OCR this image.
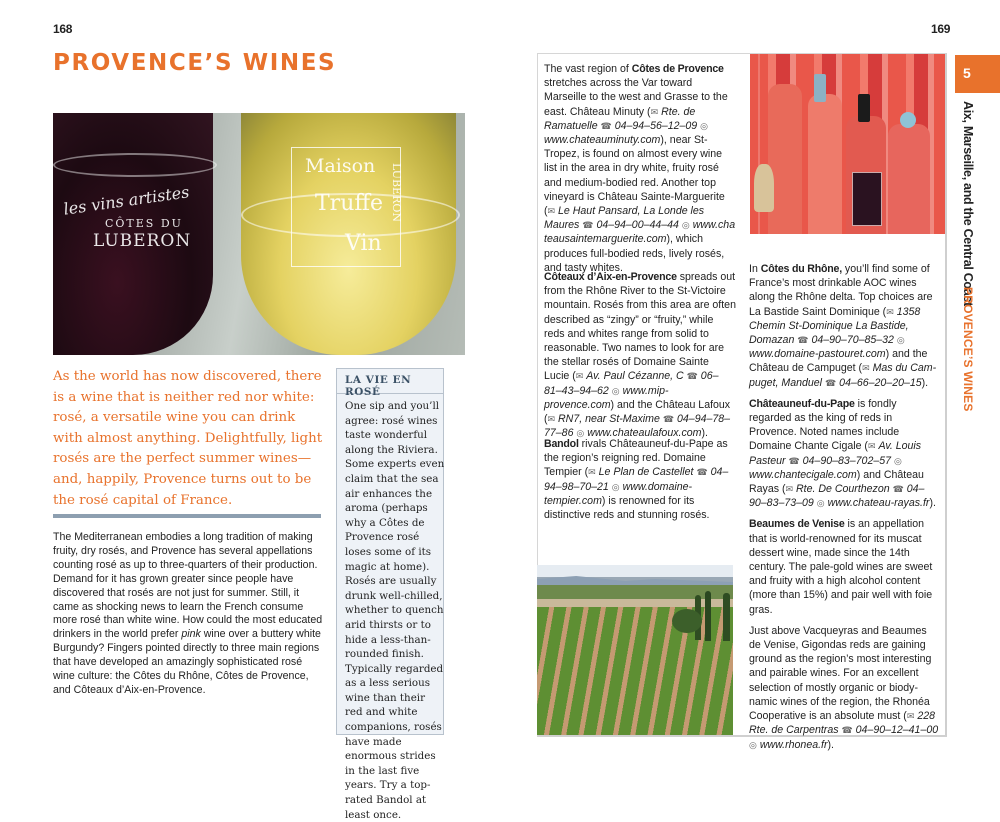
168
PROVENCE’S WINES
les vins artistes
CÔTES DU
LUBERON
Maison
Truffe
Vin
LUBERON
As the world has now discovered, there is a wine that is neither red nor white: rosé, a versatile wine you can drink with almost anything. Delightfully, light rosés are the perfect summer wines—and, happily, Provence turns out to be the rosé capital of France.
The Mediterranean embodies a long tradition of making fruity, dry rosés, and Provence has several appellations counting rosé as up to three-quarters of their production. Demand for it has grown greater since people have discovered that rosés are not just for summer. Still, it came as shocking news to learn the French consume more rosé than white wine. How could the most educated drinkers in the world prefer pink wine over a buttery white Burgundy? Fingers pointed directly to three main regions that have developed an amazingly sophisticated rosé wine culture: the Côtes du Rhône, Côtes de Provence, and Côteaux d’Aix-en-Provence.
LA VIE EN ROSÉ
One sip and you’ll agree: rosé wines taste wonderful along the Riviera. Some experts even claim that the sea air enhances the aroma (perhaps why a Côtes de Provence rosé loses some of its magic at home). Rosés are usually drunk well-chilled, whether to quench arid thirsts or to hide a less-than-rounded finish. Typically regarded as a less serious wine than their red and white companions, rosés have made enormous strides in the last five years. Try a top-rated Bandol at least once.
169

The vast region of Côtes de Provence stretches across the Var toward Marseille to the west and Grasse to the east. Château Minuty (✉ Rte. de Ramatuelle ☎ 04–94–56–12–09 ◎ www.chateauminuty.com), near St-Tropez, is found on almost every wine list in the area in dry white, fruity rosé and medium-bodied red. Another top vineyard is Château Sainte-Marguerite (✉ Le Haut Pansard, La Londe les Maures ☎ 04–94–00–44–44 ◎ www.chateausaintemarguerite.com), which produces full-bodied reds, lively rosés, and tasty whites.

Côteaux d’Aix-en-Provence spreads out from the Rhône River to the St-Victoire mountain. Rosés from this area are often described as “zingy” or “fruity,” while reds and whites range from solid to reasonable. Two names to look for are the stellar rosés of Domaine Sainte Lucie (✉ Av. Paul Cézanne, C ☎ 06–81–43–94–62 ◎ www.mip-provence.com) and the Château Lafoux (✉ RN7, near St-Maxime ☎ 04–94–78–77–86 ◎ www.chateaulafoux.com).

Bandol rivals Châteauneuf-du-Pape as the region’s reigning red. Domaine Tempier (✉ Le Plan de Castellet ☎ 04–94–98–70–21 ◎ www.domaine-tempier.com) is renowned for its distinctive reds and stunning rosés.

In Côtes du Rhône, you’ll find some of France’s most drinkable AOC wines along the Rhône delta. Top choices are La Bastide Saint Dominique (✉ 1358 Chemin St-Dominique La Bastide, Domazan ☎ 04–90–70–85–32 ◎ www.domaine-pastouret.com) and the Château de Campuget (✉ Mas du Campuget, Manduel ☎ 04–66–20–20–15).

Châteauneuf-du-Pape is fondly regarded as the king of reds in Provence. Noted names include Domaine Chante Cigale (✉ Av. Louis Pasteur ☎ 04–90–83–702–57 ◎ www.chantecigale.com) and Château Rayas (✉ Rte. De Courthezon ☎ 04–90–83–73–09 ◎ www.chateau-rayas.fr).

Beaumes de Venise is an appellation that is world-renowned for its muscat dessert wine, made since the 14th century. The pale-gold wines are sweet and fruity with a high alcohol content (more than 15%) and pair well with foie gras.

Just above Vacqueyras and Beaumes de Venise, Gigondas reds are gaining ground as the region’s most interesting and pairable wines. For an excellent selection of mostly organic or biodynamic wines of the region, the Rhonéa Cooperative is an absolute must (✉ 228 Rte. de Carpentras ☎ 04–90–12–41–00 ◎ www.rhonea.fr).

5
Aix, Marseille, and the Central Coast
PROVENCE’S WINES
